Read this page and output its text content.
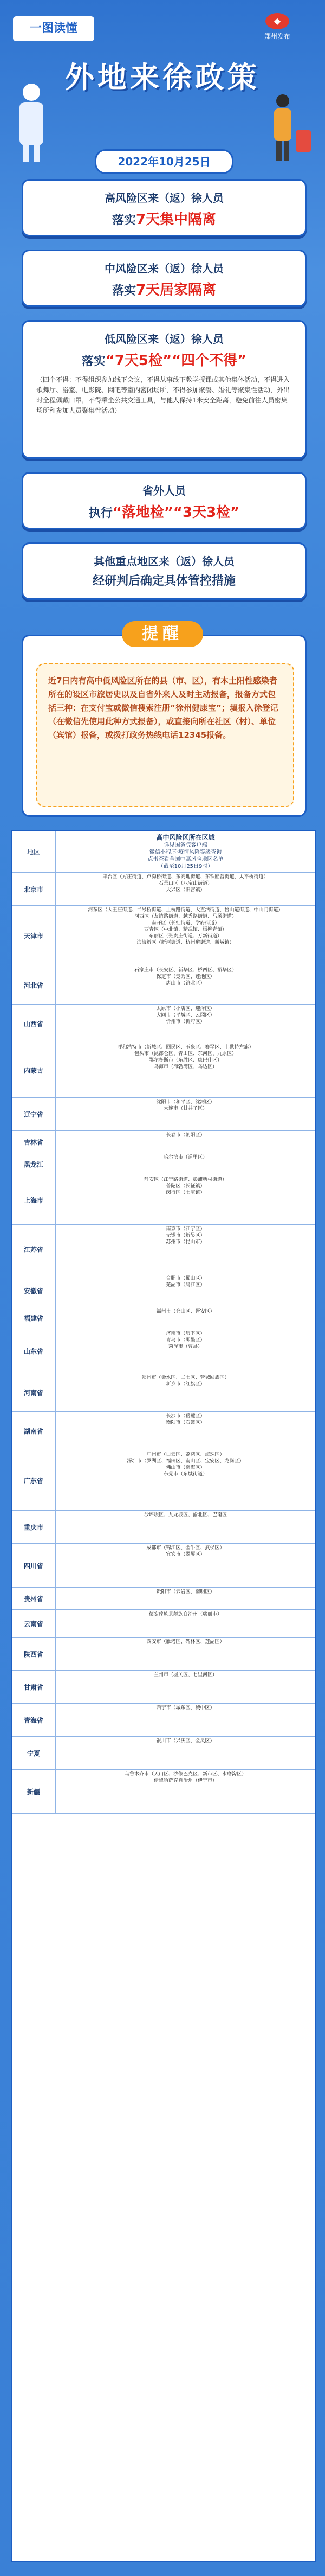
一图读懂
◆
郑州发布
外地来徐政策
2022年10月25日
高风险区来（返）徐人员
落实7天集中隔离
中风险区来（返）徐人员
落实7天居家隔离
低风险区来（返）徐人员
落实“7天5检”“四个不得”
（四个不得：不得组织参加线下会议，不得从事线下教学授课或其他集体活动，不得进入歌舞厅、浴室、电影院、网吧等室内密闭场所，不得参加聚餐、婚礼等聚集性活动，外出时全程佩戴口罩，不得乘坐公共交通工具，与他人保持1米安全距离，避免前往人员密集场所和参加人员聚集性活动）
省外人员
执行“落地检”“3天3检”
其他重点地区来（返）徐人员
经研判后确定具体管控措施

近7日内有高中低风险区所在的县（市、区），有本土阳性感染者所在的设区市旅居史以及自省外来人及时主动报备，报备方式包括三种：在支付宝或微信搜索注册“徐州健康宝”；填报入徐登记（在微信先使用此种方式报备），或直接向所在社区（村）、单位（宾馆）报备，或拨打政务热线电话12345报备。

提醒
地区
高中风险区所在区域
详见国务院客户端
微信小程序·疫情风险等级查询
点击查看全国中高风险地区名单
（截至10月25日9时）
北京市
丰台区（方庄街道、卢沟桥街道、东高地街道、东铁匠营街道、太平桥街道）
石景山区（八宝山街道）
大兴区（旧宫镇）
天津市
河东区（大王庄街道、二号桥街道、上杭路街道、大直沽街道、鲁山道街道、中山门街道）
河西区（友谊路街道、越秀路街道、马场街道）
南开区（长虹街道、学府街道）
西青区（中北镇、精武镇、杨柳青镇）
东丽区（张贵庄街道、万新街道）
滨海新区（新河街道、杭州道街道、新城镇）
河北省
石家庄市（长安区、新华区、桥西区、裕华区）
保定市（竞秀区、莲池区）
唐山市（路北区）
山西省
太原市（小店区、迎泽区）
大同市（平城区、云冈区）
忻州市（忻府区）
内蒙古
呼和浩特市（新城区、回民区、玉泉区、赛罕区、土默特左旗）
包头市（昆都仑区、青山区、东河区、九原区）
鄂尔多斯市（东胜区、康巴什区）
乌海市（海勃湾区、乌达区）
辽宁省
沈阳市（和平区、沈河区）
大连市（甘井子区）
吉林省
长春市（朝阳区）
黑龙江
哈尔滨市（道里区）
上海市
静安区（江宁路街道、彭浦新村街道）
普陀区（长征镇）
闵行区（七宝镇）
江苏省
南京市（江宁区）
无锡市（新吴区）
苏州市（昆山市）
安徽省
合肥市（蜀山区）
芜湖市（鸠江区）
福建省
福州市（仓山区、晋安区）
山东省
济南市（历下区）
青岛市（即墨区）
菏泽市（曹县）
河南省
郑州市（金水区、二七区、管城回族区）
新乡市（红旗区）
湖南省
长沙市（岳麓区）
衡阳市（石鼓区）
广东省
广州市（白云区、荔湾区、海珠区）
深圳市（罗湖区、福田区、南山区、宝安区、龙岗区）
佛山市（南海区）
东莞市（东城街道）
重庆市
沙坪坝区、九龙坡区、渝北区、巴南区
四川省
成都市（锦江区、金牛区、武侯区）
宜宾市（翠屏区）
贵州省
贵阳市（云岩区、南明区）
云南省
德宏傣族景颇族自治州（瑞丽市）
陕西省
西安市（雁塔区、碑林区、莲湖区）
甘肃省
兰州市（城关区、七里河区）
青海省
西宁市（城东区、城中区）
宁夏
银川市（兴庆区、金凤区）
新疆
乌鲁木齐市（天山区、沙依巴克区、新市区、水磨沟区）
伊犁哈萨克自治州（伊宁市）
